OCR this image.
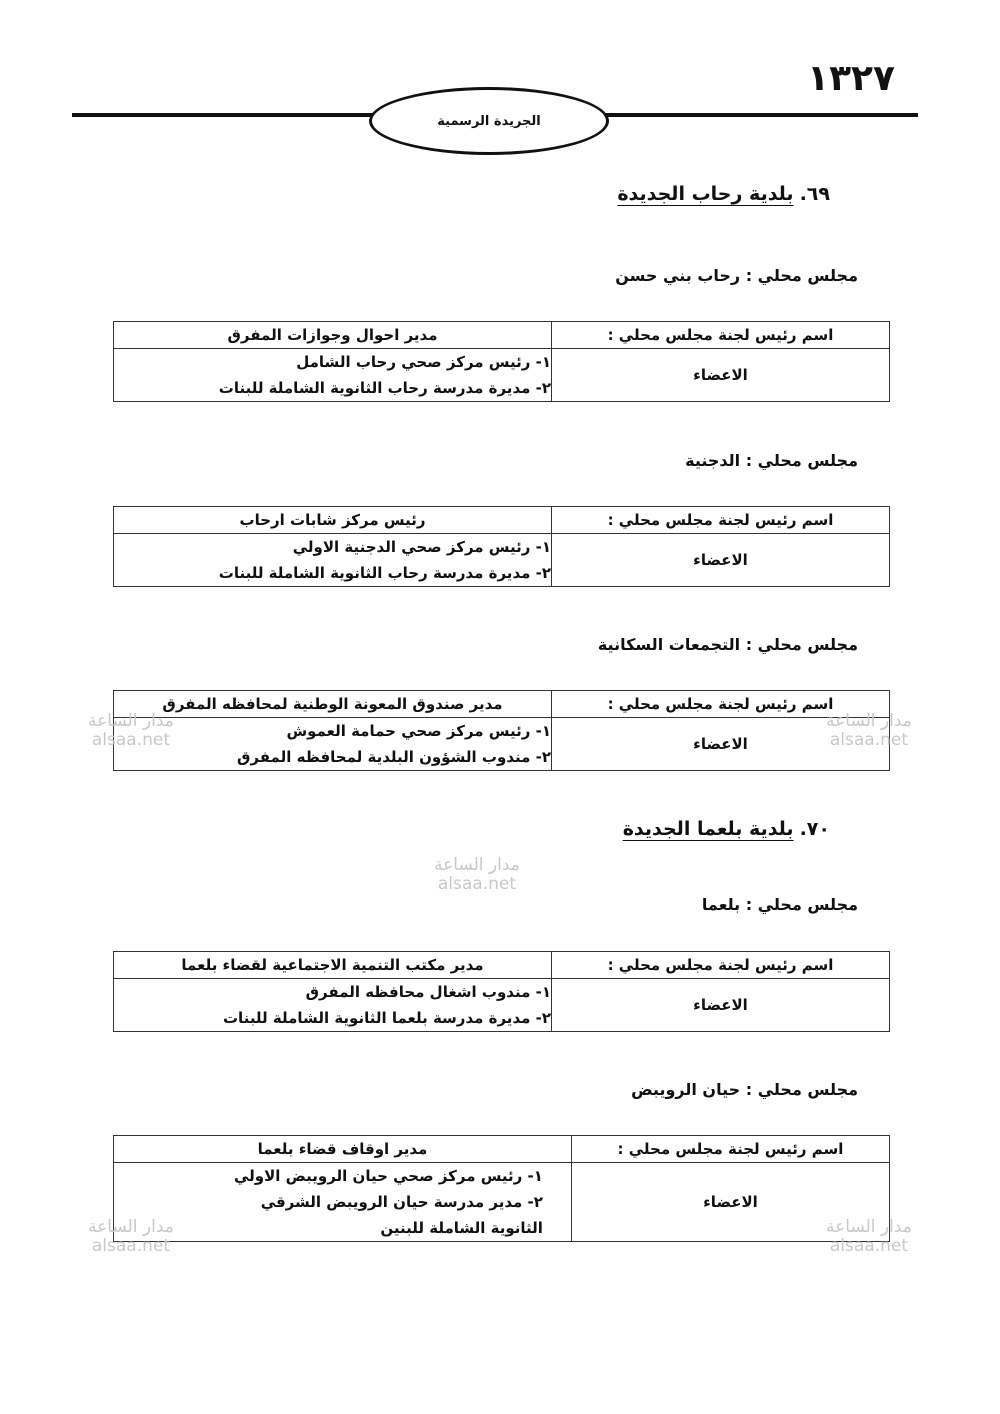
١٣٢٧
الجريدة الرسمية
٦٩.بلدية رحاب الجديدة
مجلس محلي : رحاب بني حسن
اسم رئيس لجنة مجلس محلي :	مدير احوال وجوازات المفرق
الاعضاء	١- رئيس مركز صحي رحاب الشامل
٢- مديرة مدرسة رحاب الثانوية الشاملة للبنات
مجلس محلي : الدجنية
اسم رئيس لجنة مجلس محلي :	رئيس مركز شابات ارحاب
الاعضاء	١- رئيس مركز صحي الدجنية الاولي
٢- مديرة مدرسة رحاب الثانوية الشاملة للبنات
مجلس محلي : التجمعات السكانية
اسم رئيس لجنة مجلس محلي :	مدير صندوق المعونة الوطنية لمحافظه المفرق
الاعضاء	١- رئيس مركز صحي حمامة العموش
٢- مندوب الشؤون البلدية لمحافظه المفرق
٧٠.بلدية بلعما الجديدة
مجلس محلي : بلعما
اسم رئيس لجنة مجلس محلي :	مدير مكتب التنمية الاجتماعية لقضاء بلعما
الاعضاء	١- مندوب اشغال محافظه المفرق
٢- مديرة مدرسة بلعما الثانوية الشاملة للبنات
مجلس محلي : حيان الرويبض
اسم رئيس لجنة مجلس محلي :	مدير اوقاف قضاء بلعما
الاعضاء	١- رئيس مركز صحي حيان الرويبض الاولي
٢- مدير مدرسة حيان الرويبض الشرقي الثانوية الشاملة للبنين
مدار الساعة
alsaa.net
مدار الساعة
alsaa.net
مدار الساعة
alsaa.net
مدار الساعة
alsaa.net
مدار الساعة
alsaa.net
